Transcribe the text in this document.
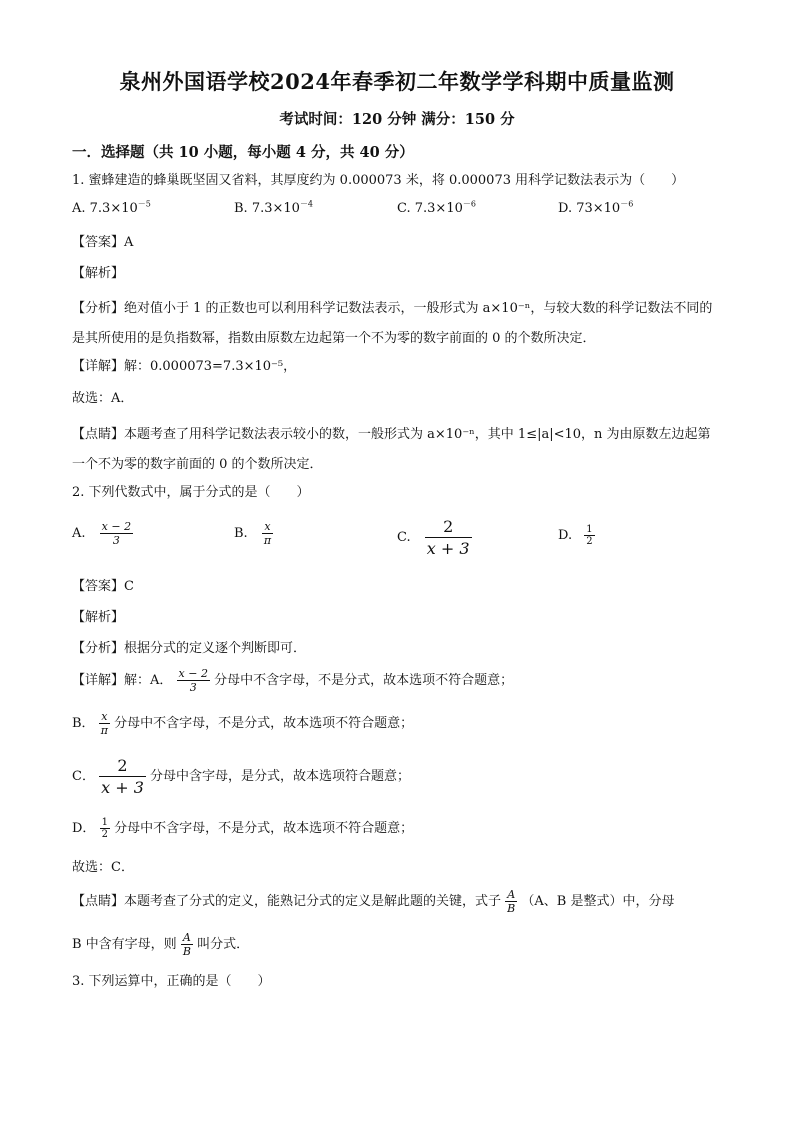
泉州外国语学校2024年春季初二年数学学科期中质量监测
考试时间：120 分钟 满分：150 分
一．选择题（共 10 小题，每小题 4 分，共 40 分）
1. 蜜蜂建造的蜂巢既坚固又省料，其厚度约为 0.000073 米，将 0.000073 用科学记数法表示为（　　）
A. $7.3\times 10^{-5}$	B. $7.3\times 10^{-4}$	C. $7.3\times 10^{-6}$	D. $73\times 10^{-6}$
【答案】A
【解析】
【分析】绝对值小于 1 的正数也可以利用科学记数法表示，一般形式为 a×10⁻ⁿ，与较大数的科学记数法不同的是其所使用的是负指数幂，指数由原数左边起第一个不为零的数字前面的 0 的个数所决定．
【详解】解：0.000073=7.3×10⁻⁵，
故选：A．
【点睛】本题考查了用科学记数法表示较小的数，一般形式为 a×10⁻ⁿ，其中 1≤|a|<10，n 为由原数左边起第一个不为零的数字前面的 0 的个数所决定．
2. 下列代数式中，属于分式的是（　　）
A. $\frac{x - 2}{3}$	B. $\frac{x}{\pi}$	C. $\frac{2}{x + 3}$	D. $\frac{1}{2}$
【答案】C
【解析】
【分析】根据分式的定义逐个判断即可．
【详解】解：A． $\frac{x - 2}{3}$ 分母中不含字母，不是分式，故本选项不符合题意；
B． $\frac{x}{\pi}$ 分母中不含字母，不是分式，故本选项不符合题意；
C． $\frac{2}{x + 3}$ 分母中含字母，是分式，故本选项符合题意；
D． $\frac{1}{2}$ 分母中不含字母，不是分式，故本选项不符合题意；
故选：C．
【点睛】本题考查了分式的定义，能熟记分式的定义是解此题的关键，式子 $\frac{A}{B} (A$、B 是整式）中，分母
B 中含有字母，则 $\frac{A}{B}$ 叫分式．
3. 下列运算中，正确的是（　　）
